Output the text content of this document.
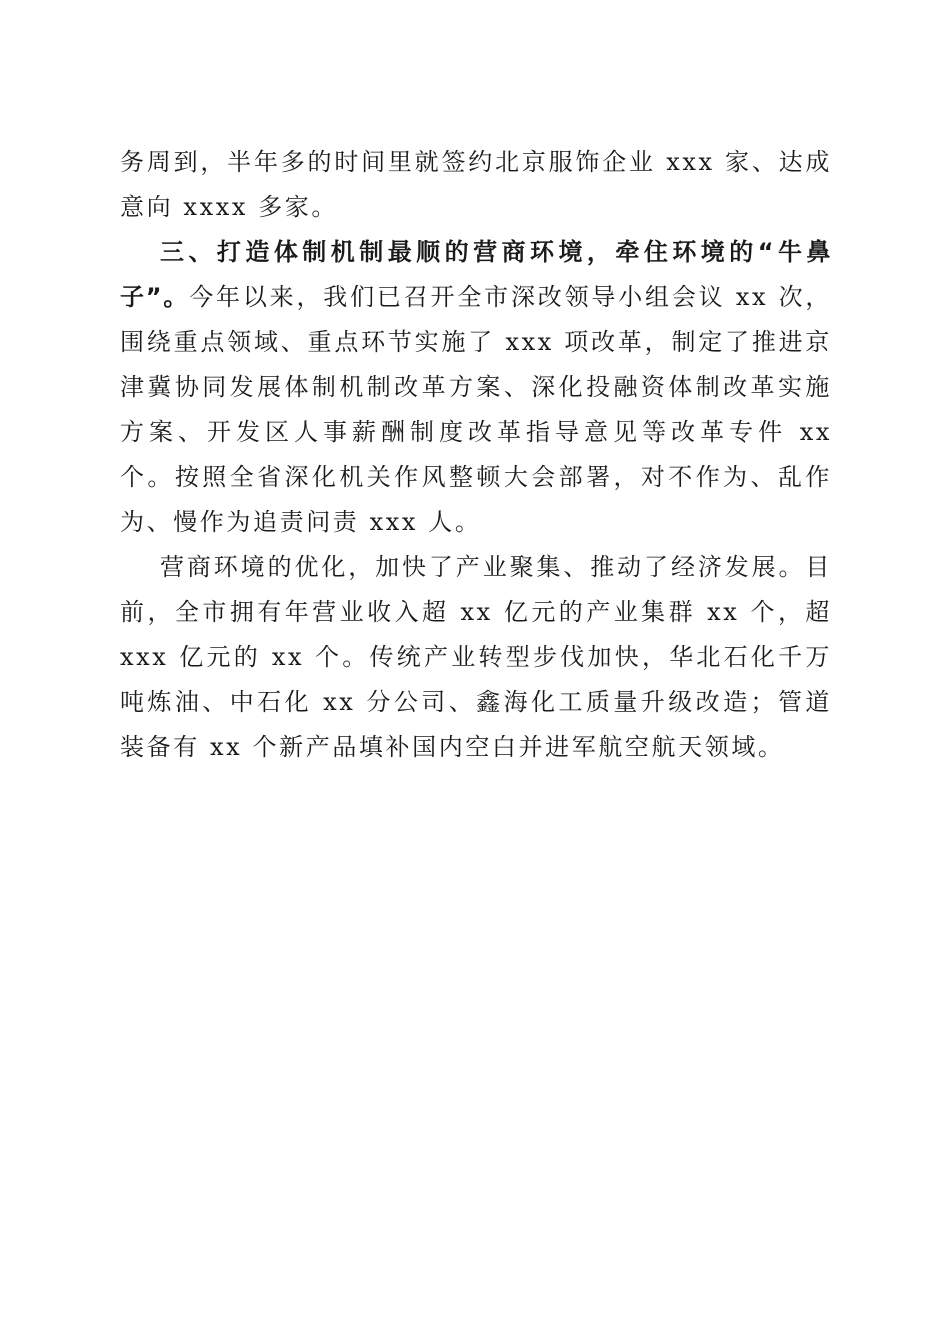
务周到，半年多的时间里就签约北京服饰企业 xxx 家、达成意向 xxxx 多家。

三、打造体制机制最顺的营商环境，牵住环境的“牛鼻子”。今年以来，我们已召开全市深改领导小组会议 xx 次，围绕重点领域、重点环节实施了 xxx 项改革，制定了推进京津冀协同发展体制机制改革方案、深化投融资体制改革实施方案、开发区人事薪酬制度改革指导意见等改革专件 xx 个。按照全省深化机关作风整顿大会部署，对不作为、乱作为、慢作为追责问责 xxx 人。

营商环境的优化，加快了产业聚集、推动了经济发展。目前，全市拥有年营业收入超 xx 亿元的产业集群 xx 个，超 xxx 亿元的 xx 个。传统产业转型步伐加快，华北石化千万吨炼油、中石化 xx 分公司、鑫海化工质量升级改造；管道装备有 xx 个新产品填补国内空白并进军航空航天领域。
